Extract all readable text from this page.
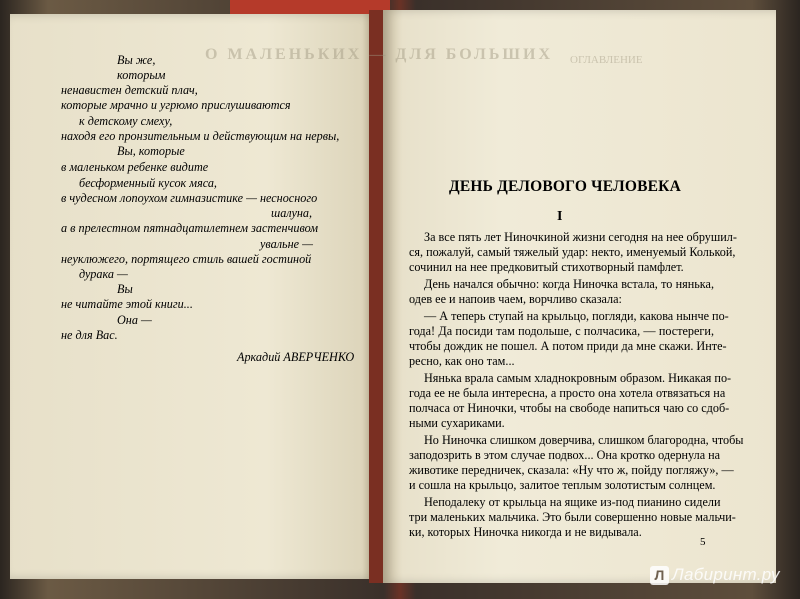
О МАЛЕНЬКИХ — ДЛЯ БОЛЬШИХ ОГЛАВЛЕНИЕ
Вы же,
которым
ненавистен детский плач,
которые мрачно и угрюмо прислушиваются
к детскому смеху,
находя его пронзительным и действующим на нервы,
Вы, которые
в маленьком ребенке видите
бесформенный кусок мяса,
в чудесном лопоухом гимназистике — несносного
шалуна,
а в прелестном пятнадцатилетнем застенчивом
увальне —
неуклюжего, портящего стиль вашей гостиной
дурака —
Вы
не читайте этой книги...
Она —
не для Вас.
Аркадий АВЕРЧЕНКО
ДЕНЬ ДЕЛОВОГО ЧЕЛОВЕКА
I
За все пять лет Ниночкиной жизни сегодня на нее обрушил-
ся, пожалуй, самый тяжелый удар: некто, именуемый Колькой,
сочинил на нее предковитый стихотворный памфлет.
День начался обычно: когда Ниночка встала, то нянька,
одев ее и напоив чаем, ворчливо сказала:
— А теперь ступай на крыльцо, погляди, какова нынче по-
года! Да посиди там подольше, с полчасика, — постереги,
чтобы дождик не пошел. А потом приди да мне скажи. Инте-
ресно, как оно там...
Нянька врала самым хладнокровным образом. Никакая по-
года ее не была интересна, а просто она хотела отвязаться на
полчаса от Ниночки, чтобы на свободе напиться чаю со сдоб-
ными сухариками.
Но Ниночка слишком доверчива, слишком благородна, чтобы
заподозрить в этом случае подвох... Она кротко одернула на
животике передничек, сказала: «Ну что ж, пойду погляжу», —
и сошла на крыльцо, залитое теплым золотистым солнцем.
Неподалеку от крыльца на ящике из-под пианино сидели
три маленьких мальчика. Это были совершенно новые мальчи-
ки, которых Ниночка никогда и не видывала.
5
Л Лабиринт.ру
